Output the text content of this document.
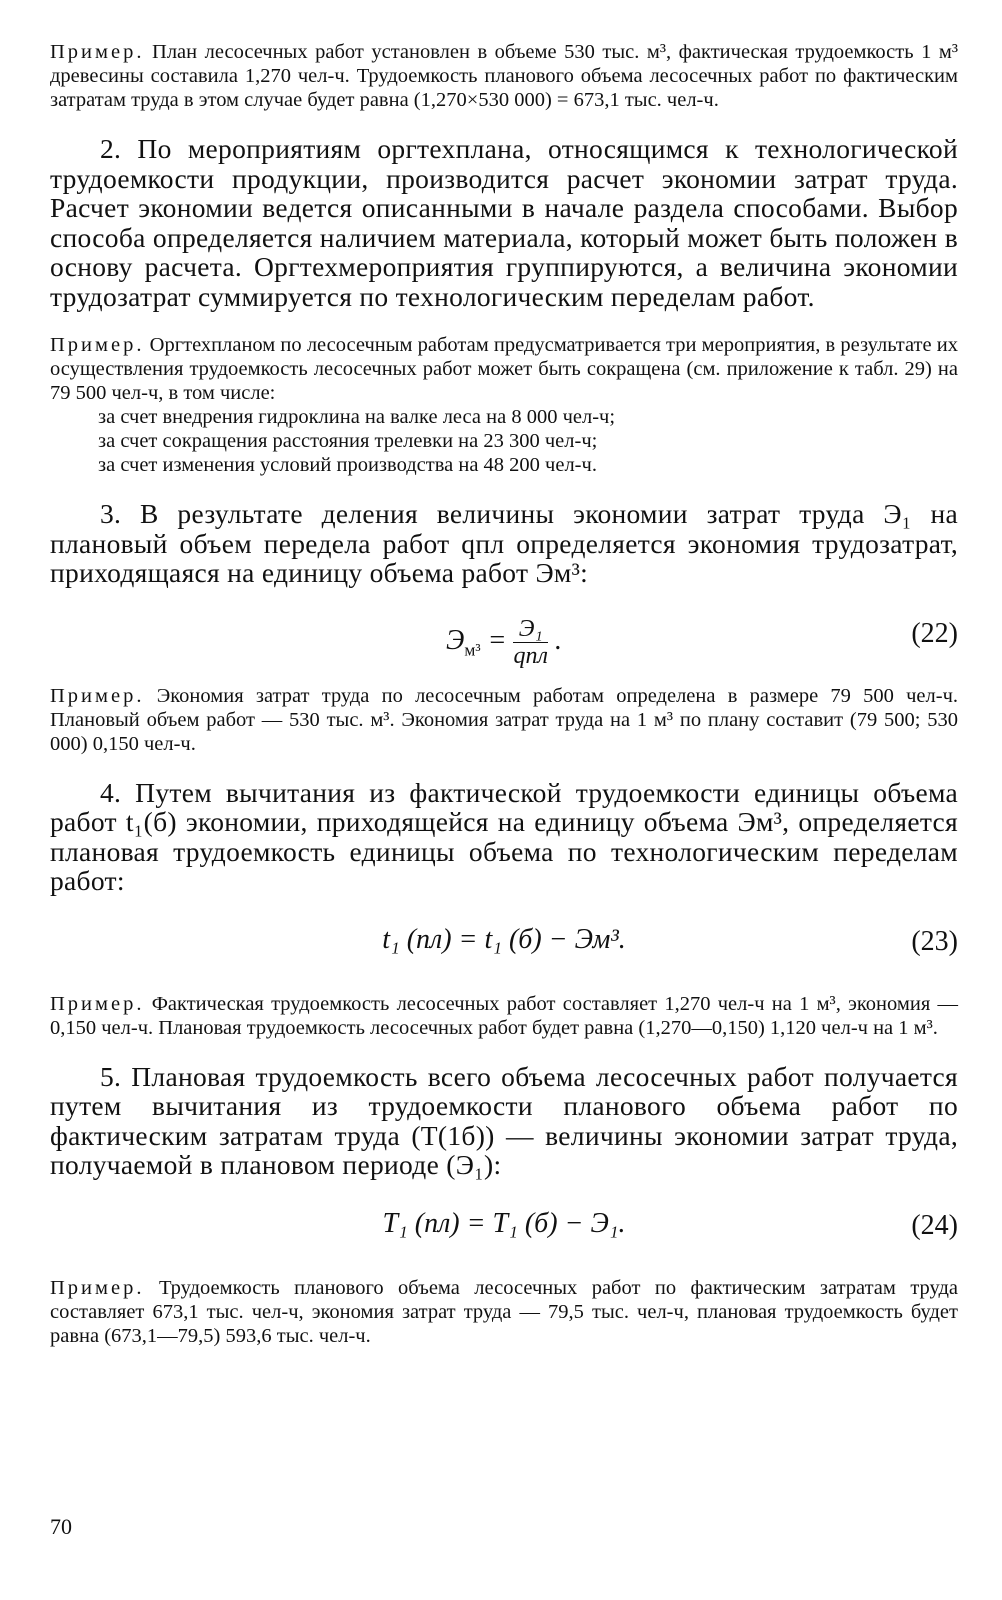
Пример. План лесосечных работ установлен в объеме 530 тыс. м³, фактическая трудоемкость 1 м³ древесины составила 1,270 чел-ч. Трудоемкость планового объема лесосечных работ по фактическим затратам труда в этом случае будет равна (1,270×530 000) = 673,1 тыс. чел-ч.

2. По мероприятиям оргтехплана, относящимся к технологической трудоемкости продукции, производится расчет экономии затрат труда. Расчет экономии ведется описанными в начале раздела способами. Выбор способа определяется наличием материала, который может быть положен в основу расчета. Оргтехмероприятия группируются, а величина экономии трудозатрат суммируется по технологическим переделам работ.

Пример. Оргтехпланом по лесосечным работам предусматривается три мероприятия, в результате их осуществления трудоемкость лесосечных работ может быть сокращена (см. приложение к табл. 29) на 79 500 чел-ч, в том числе:
за счет внедрения гидроклина на валке леса на 8 000 чел-ч;
за счет сокращения расстояния трелевки на 23 300 чел-ч;
за счет изменения условий производства на 48 200 чел-ч.

3. В результате деления величины экономии затрат труда Э₁ на плановый объем передела работ qпл определяется экономия трудозатрат, приходящаяся на единицу объема работ Эм³:

$Э_{м^3} = \frac{\text{Э₁}}{\text{qпл}}$ .	(22)

Пример. Экономия затрат труда по лесосечным работам определена в размере 79 500 чел-ч. Плановый объем работ — 530 тыс. м³. Экономия затрат труда на 1 м³ по плану составит (79 500; 530 000) 0,150 чел-ч.

4. Путем вычитания из фактической трудоемкости единицы объема работ t₁(б) экономии, приходящейся на единицу объема Эм³, определяется плановая трудоемкость единицы объема по технологическим переделам работ:

t₁ (пл) = t₁ (б) − Эм³.	(23)

Пример. Фактическая трудоемкость лесосечных работ составляет 1,270 чел-ч на 1 м³, экономия — 0,150 чел-ч. Плановая трудоемкость лесосечных работ будет равна (1,270—0,150) 1,120 чел-ч на 1 м³.

5. Плановая трудоемкость всего объема лесосечных работ получается путем вычитания из трудоемкости планового объема работ по фактическим затратам труда (T(1б)) — величины экономии затрат труда, получаемой в плановом периоде (Э₁):

T₁ (пл) = T₁ (б) − Э₁.	(24)

Пример. Трудоемкость планового объема лесосечных работ по фактическим затратам труда составляет 673,1 тыс. чел-ч, экономия затрат труда — 79,5 тыс. чел-ч, плановая трудоемкость будет равна (673,1—79,5) 593,6 тыс. чел-ч.

70
